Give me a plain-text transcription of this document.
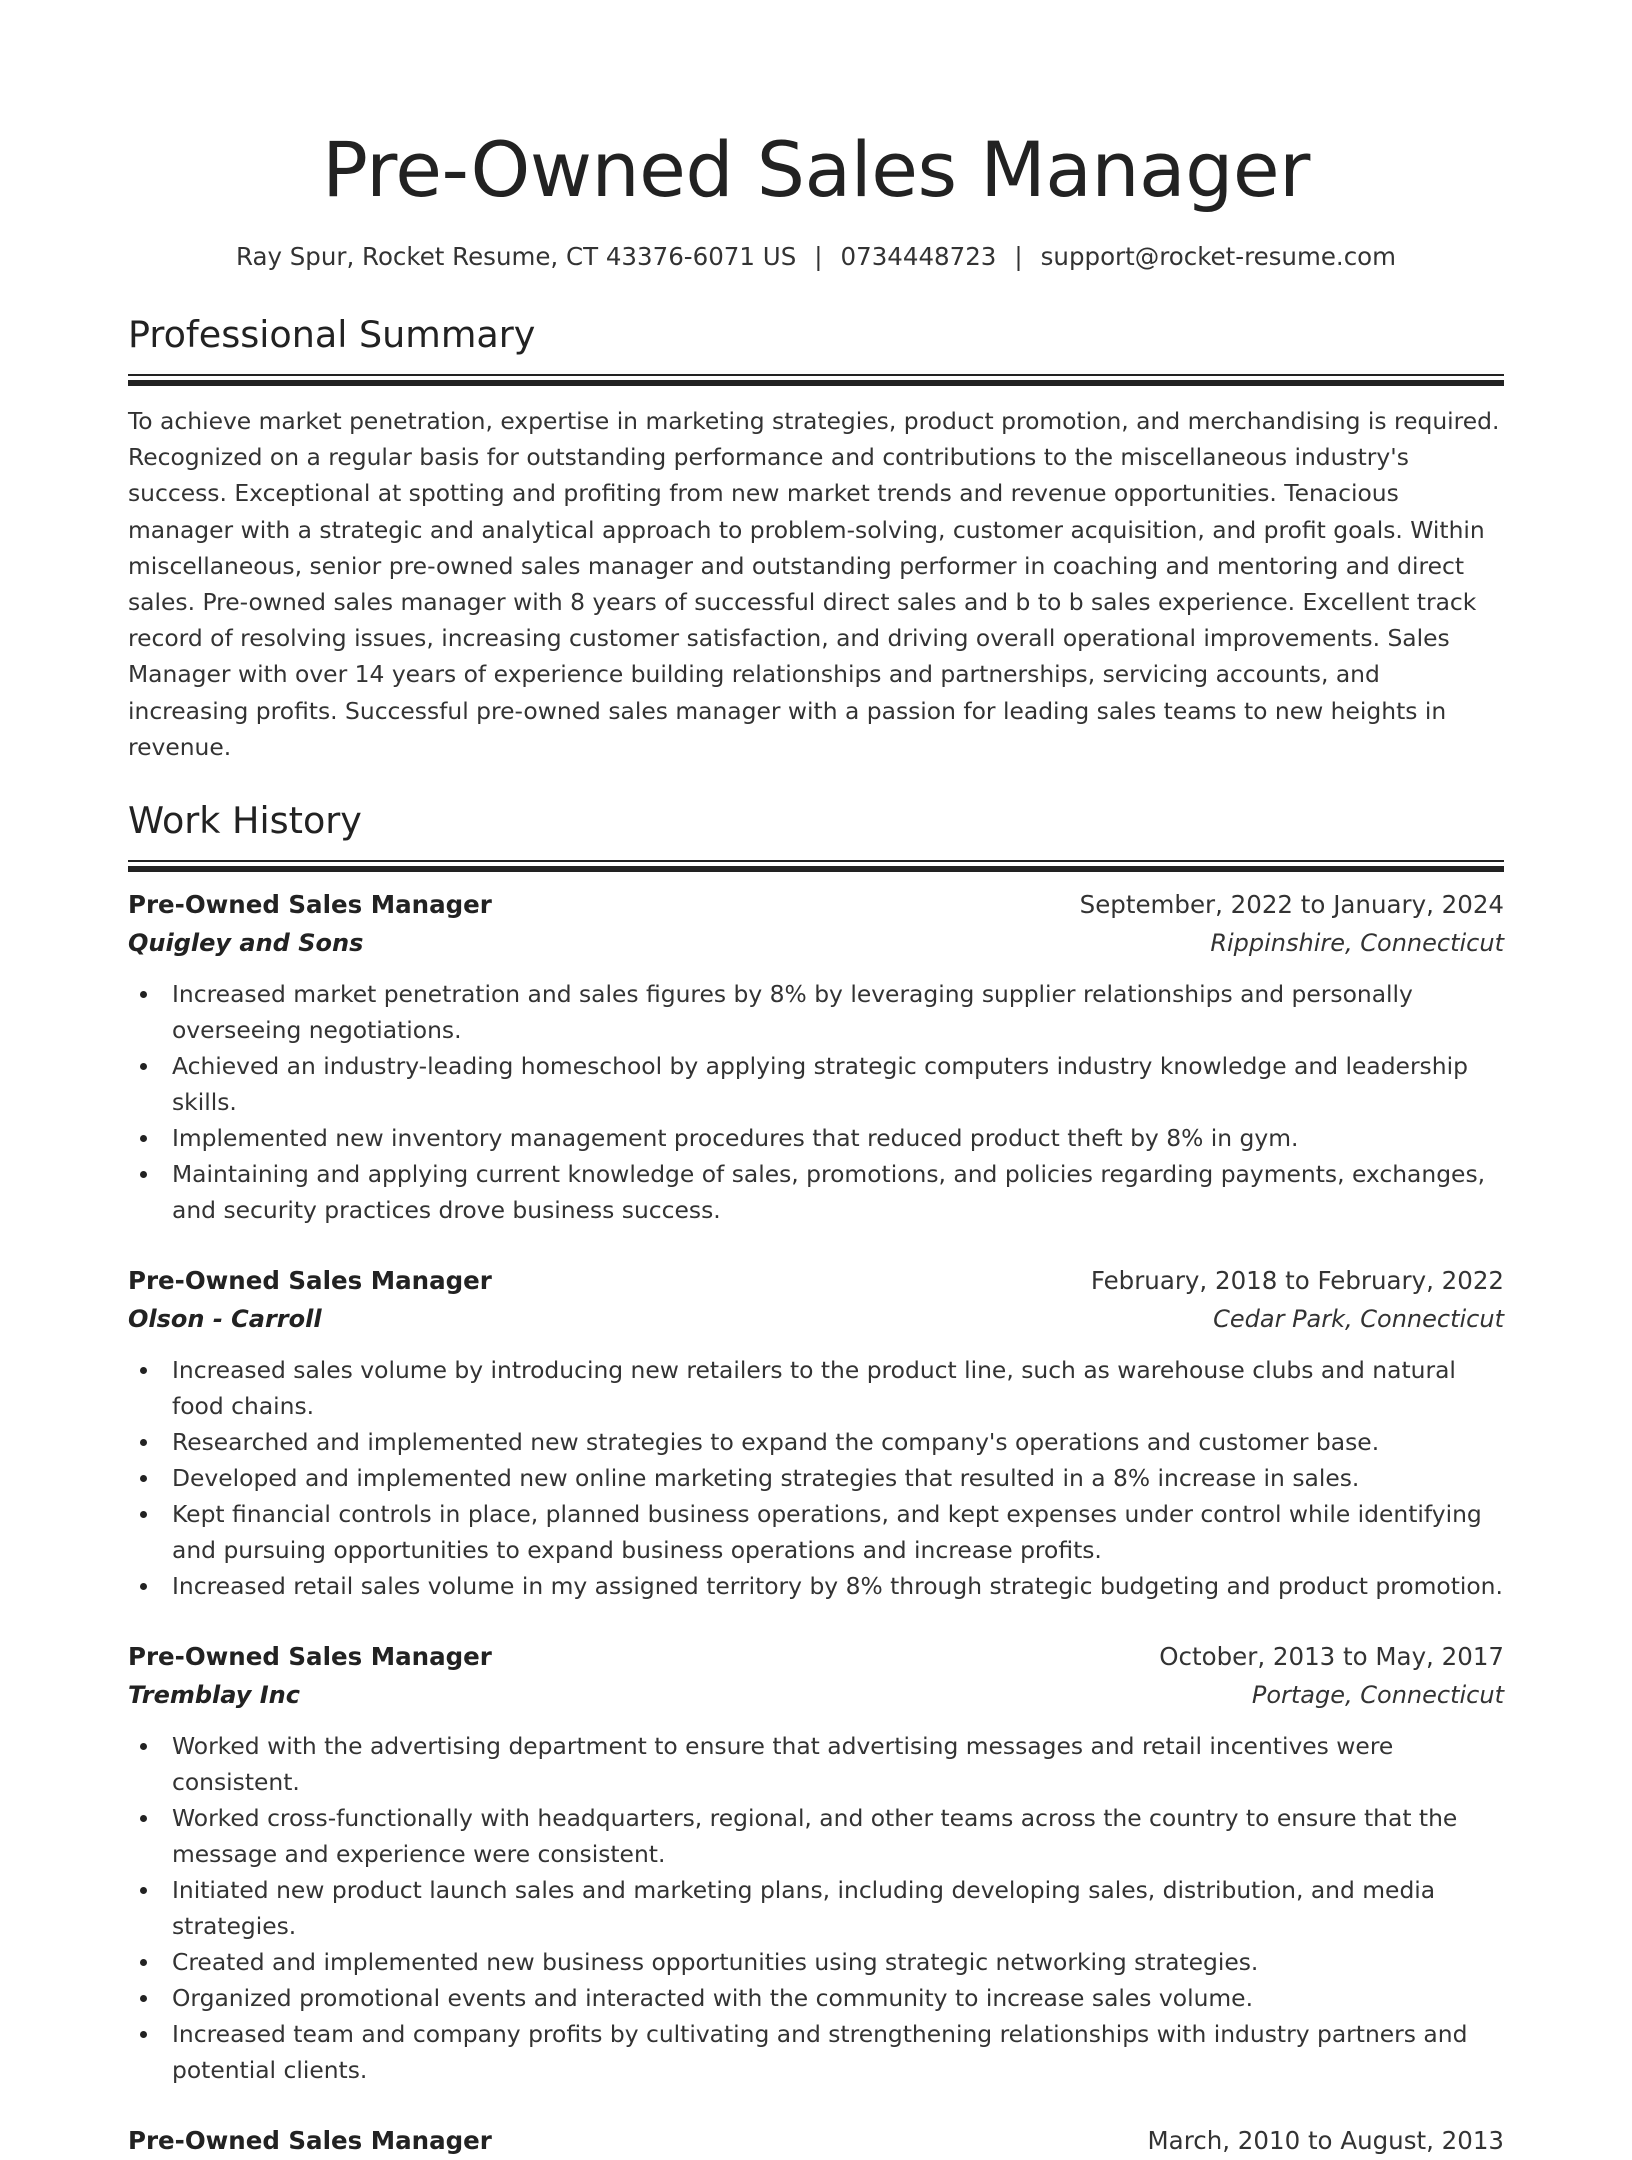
Pre-Owned Sales Manager
Ray Spur, Rocket Resume, CT 43376-6071 US | 0734448723 | support@rocket-resume.com
Professional Summary
To achieve market penetration, expertise in marketing strategies, product promotion, and merchandising is required. Recognized on a regular basis for outstanding performance and contributions to the miscellaneous industry's success. Exceptional at spotting and profiting from new market trends and revenue opportunities. Tenacious manager with a strategic and analytical approach to problem-solving, customer acquisition, and profit goals. Within miscellaneous, senior pre-owned sales manager and outstanding performer in coaching and mentoring and direct sales. Pre-owned sales manager with 8 years of successful direct sales and b to b sales experience. Excellent track record of resolving issues, increasing customer satisfaction, and driving overall operational improvements. Sales Manager with over 14 years of experience building relationships and partnerships, servicing accounts, and increasing profits. Successful pre-owned sales manager with a passion for leading sales teams to new heights in revenue.
Work History
Pre-Owned Sales Manager	September, 2022 to January, 2024
Quigley and Sons	Rippinshire, Connecticut
Increased market penetration and sales figures by 8% by leveraging supplier relationships and personally overseeing negotiations.
Achieved an industry-leading homeschool by applying strategic computers industry knowledge and leadership skills.
Implemented new inventory management procedures that reduced product theft by 8% in gym.
Maintaining and applying current knowledge of sales, promotions, and policies regarding payments, exchanges, and security practices drove business success.
Pre-Owned Sales Manager	February, 2018 to February, 2022
Olson - Carroll	Cedar Park, Connecticut
Increased sales volume by introducing new retailers to the product line, such as warehouse clubs and natural food chains.
Researched and implemented new strategies to expand the company's operations and customer base.
Developed and implemented new online marketing strategies that resulted in a 8% increase in sales.
Kept financial controls in place, planned business operations, and kept expenses under control while identifying and pursuing opportunities to expand business operations and increase profits.
Increased retail sales volume in my assigned territory by 8% through strategic budgeting and product promotion.
Pre-Owned Sales Manager	October, 2013 to May, 2017
Tremblay Inc	Portage, Connecticut
Worked with the advertising department to ensure that advertising messages and retail incentives were consistent.
Worked cross-functionally with headquarters, regional, and other teams across the country to ensure that the message and experience were consistent.
Initiated new product launch sales and marketing plans, including developing sales, distribution, and media strategies.
Created and implemented new business opportunities using strategic networking strategies.
Organized promotional events and interacted with the community to increase sales volume.
Increased team and company profits by cultivating and strengthening relationships with industry partners and potential clients.
Pre-Owned Sales Manager	March, 2010 to August, 2013
